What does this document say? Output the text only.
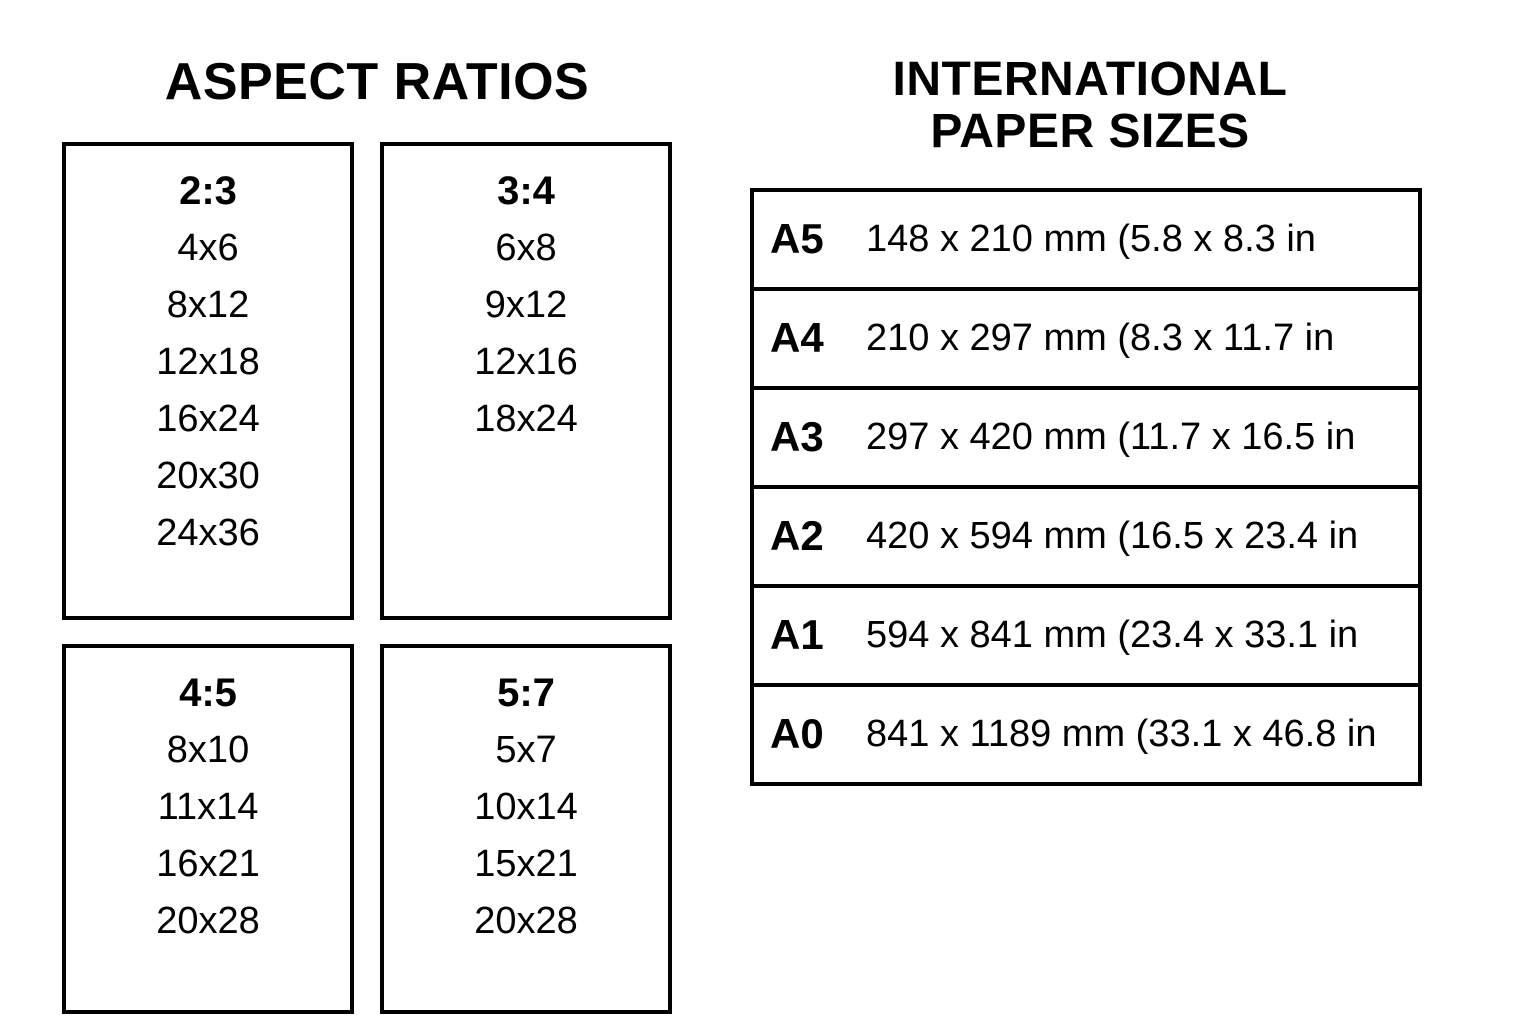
ASPECT RATIOS
2:3
4x6
8x12
12x18
16x24
20x30
24x36
3:4
6x8
9x12
12x16
18x24
4:5
8x10
11x14
16x21
20x28
5:7
5x7
10x14
15x21
20x28
INTERNATIONAL
PAPER SIZES
A5	148 x 210 mm (5.8 x 8.3 in
A4	210 x 297 mm (8.3 x 11.7 in
A3	297 x 420 mm (11.7 x 16.5 in
A2	420 x 594 mm (16.5 x 23.4 in
A1	594 x 841 mm (23.4 x 33.1 in
A0	841 x 1189 mm (33.1 x 46.8 in
